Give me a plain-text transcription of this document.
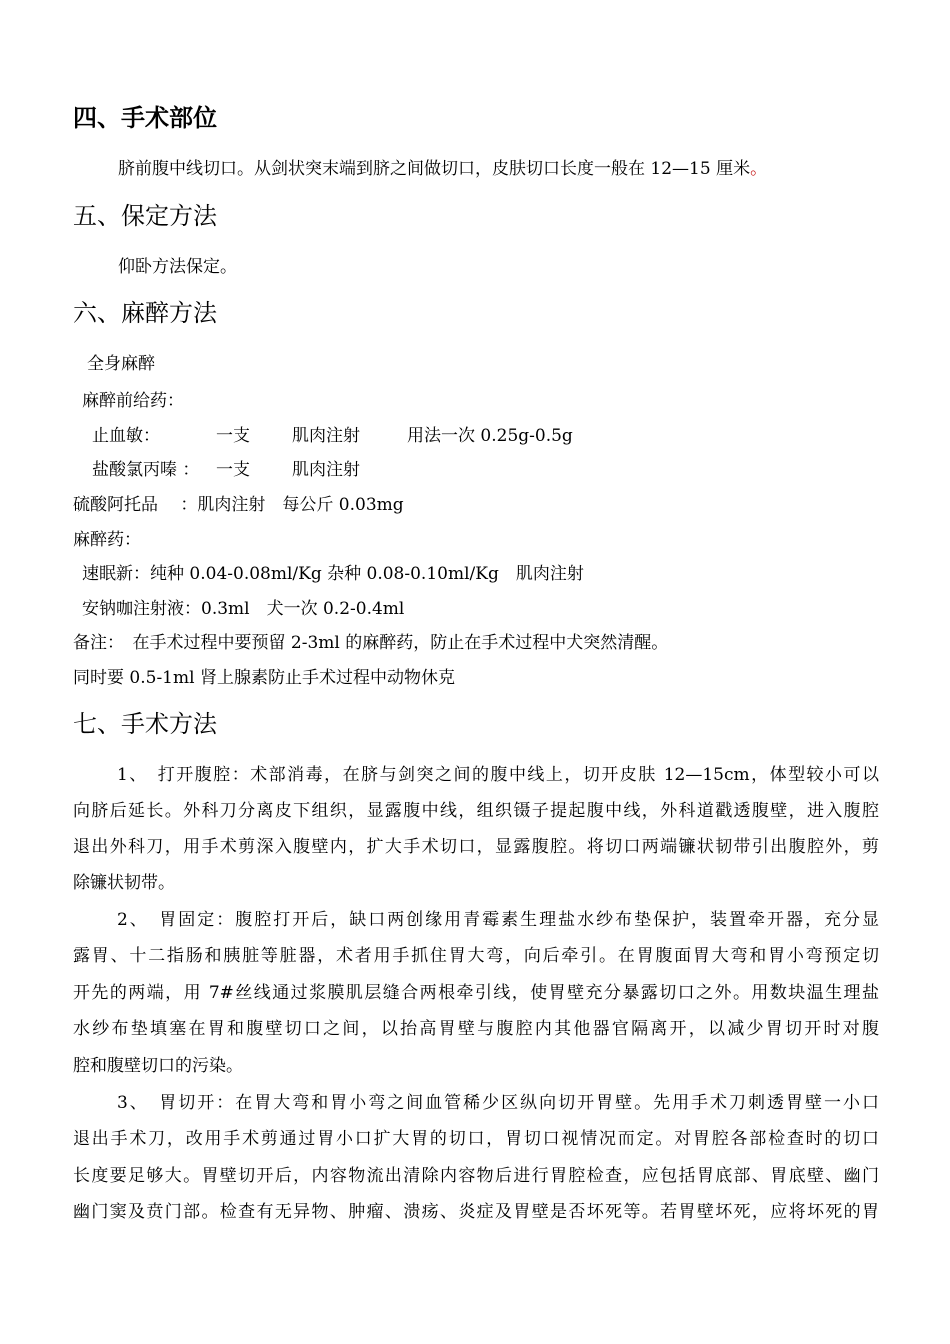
四、手术部位
脐前腹中线切口。从剑状突末端到脐之间做切口，皮肤切口长度一般在 12—15 厘米。
五、保定方法
仰卧方法保定。
六、麻醉方法
全身麻醉
麻醉前给药：
止血敏：	一支 肌肉注射	用法一次 0.25g-0.5g
盐酸氯丙嗪 ： 一支 肌肉注射
硫酸阿托品　 ：肌肉注射　每公斤 0.03mg
麻醉药：
速眠新：纯种 0.04-0.08ml/Kg 杂种 0.08-0.10ml/Kg　肌肉注射
安钠咖注射液：0.3ml　犬一次 0.2-0.4ml
备注：　在手术过程中要预留 2-3ml 的麻醉药，防止在手术过程中犬突然清醒。
同时要 0.5-1ml 肾上腺素防止手术过程中动物休克
七、手术方法
1、　打开腹腔：术部消毒，在脐与剑突之间的腹中线上，切开皮肤 12—15cm，体型较小可以
向脐后延长。外科刀分离皮下组织，显露腹中线，组织镊子提起腹中线，外科道戳透腹壁，进入腹腔
退出外科刀，用手术剪深入腹壁内，扩大手术切口，显露腹腔。将切口两端镰状韧带引出腹腔外，剪
除镰状韧带。
2、　胃固定：腹腔打开后，缺口两创缘用青霉素生理盐水纱布垫保护，装置牵开器，充分显
露胃、十二指肠和胰脏等脏器，术者用手抓住胃大弯，向后牵引。在胃腹面胃大弯和胃小弯预定切
开先的两端，用 7#丝线通过浆膜肌层缝合两根牵引线，使胃壁充分暴露切口之外。用数块温生理盐
水纱布垫填塞在胃和腹壁切口之间，以抬高胃壁与腹腔内其他器官隔离开，以减少胃切开时对腹
腔和腹壁切口的污染。
3、　胃切开：在胃大弯和胃小弯之间血管稀少区纵向切开胃壁。先用手术刀刺透胃壁一小口
退出手术刀，改用手术剪通过胃小口扩大胃的切口，胃切口视情况而定。对胃腔各部检查时的切口
长度要足够大。胃壁切开后，内容物流出清除内容物后进行胃腔检查，应包括胃底部、胃底壁、幽门
幽门窦及贲门部。检查有无异物、肿瘤、溃疡、炎症及胃壁是否坏死等。若胃壁坏死，应将坏死的胃
